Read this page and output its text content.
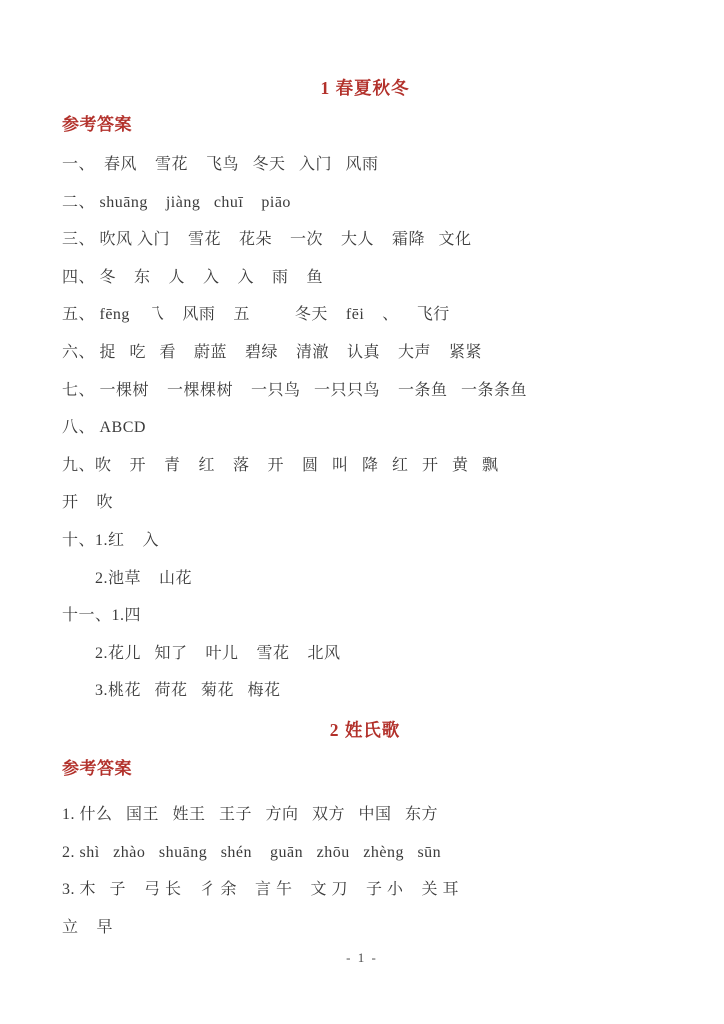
1 春夏秋冬
参考答案

一、  春风    雪花    飞鸟   冬天   入门   风雨

二、 shuāng    jiàng   chuī    piāo

三、 吹风 入门    雪花    花朵    一次    大人    霜降   文化

四、 冬    东    人    入    入    雨    鱼

五、 fēng    乁    风雨    五          冬天    fēi    、    飞行

六、 捉   吃   看    蔚蓝    碧绿    清澈    认真    大声    紧紧

七、 一棵树    一棵棵树    一只鸟   一只只鸟    一条鱼   一条条鱼

八、 ABCD

九、吹    开    青    红    落    开    圆   叫   降   红   开   黄   飘

开    吹

十、1.红    入

2.池草    山花

十一、1.四

2.花儿   知了    叶儿    雪花    北风

3.桃花   荷花   菊花   梅花

2 姓氏歌
参考答案

1. 什么   国王   姓王   王子   方向   双方   中国   东方

2. shì   zhào   shuāng   shén    guān   zhōu   zhèng   sūn

3. 木   子    弓 长    彳 余    言 午    文 刀    子 小    关 耳

立    早

- 1 -
